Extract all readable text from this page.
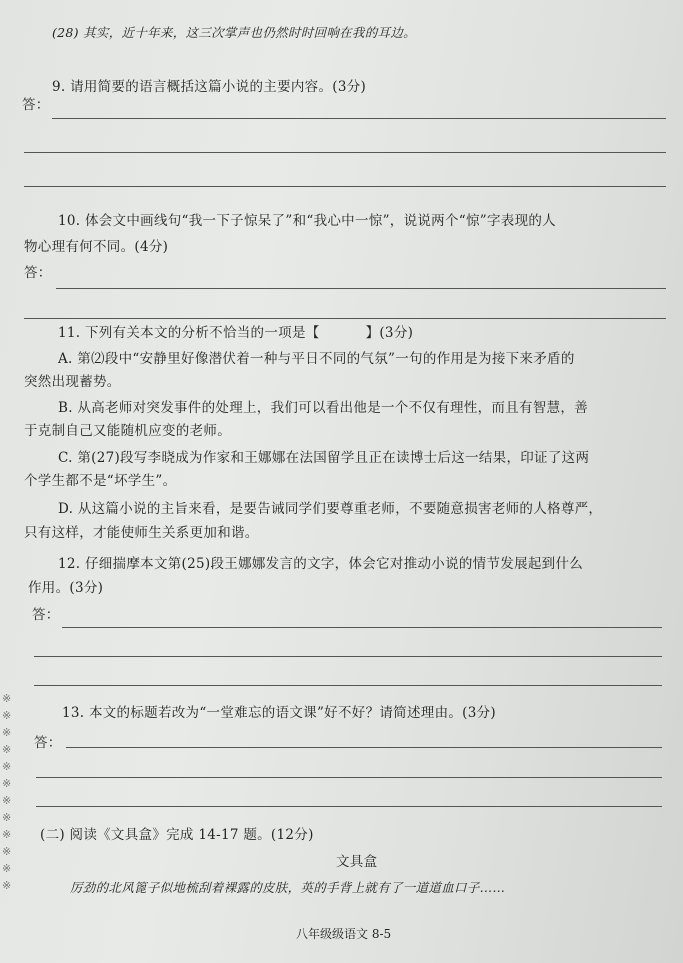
(28) 其实，近十年来，这三次掌声也仍然时时回响在我的耳边。
9. 请用简要的语言概括这篇小说的主要内容。(3分)
答：
10. 体会文中画线句“我一下子惊呆了”和“我心中一惊”，说说两个“惊”字表现的人
物心理有何不同。(4分)
答：
11. 下列有关本文的分析不恰当的一项是【	】(3分)
A. 第⑵段中“安静里好像潜伏着一种与平日不同的气氛”一句的作用是为接下来矛盾的
突然出现蓄势。
B. 从高老师对突发事件的处理上，我们可以看出他是一个不仅有理性，而且有智慧，善
于克制自己又能随机应变的老师。
C. 第(27)段写李晓成为作家和王娜娜在法国留学且正在读博士后这一结果，印证了这两
个学生都不是“坏学生”。
D. 从这篇小说的主旨来看，是要告诫同学们要尊重老师，不要随意损害老师的人格尊严，
只有这样，才能使师生关系更加和谐。
12. 仔细揣摩本文第(25)段王娜娜发言的文字，体会它对推动小说的情节发展起到什么
作用。(3分)
答：
13. 本文的标题若改为“一堂难忘的语文课”好不好？请简述理由。(3分)
答：
(二) 阅读《文具盒》完成 14-17 题。(12分)
文具盒
厉劲的北风篦子似地梳刮着裸露的皮肤，英的手背上就有了一道道血口子……
※
※
※
※
※
※
※
※
※
※
※
※
八年级级语文 8-5
